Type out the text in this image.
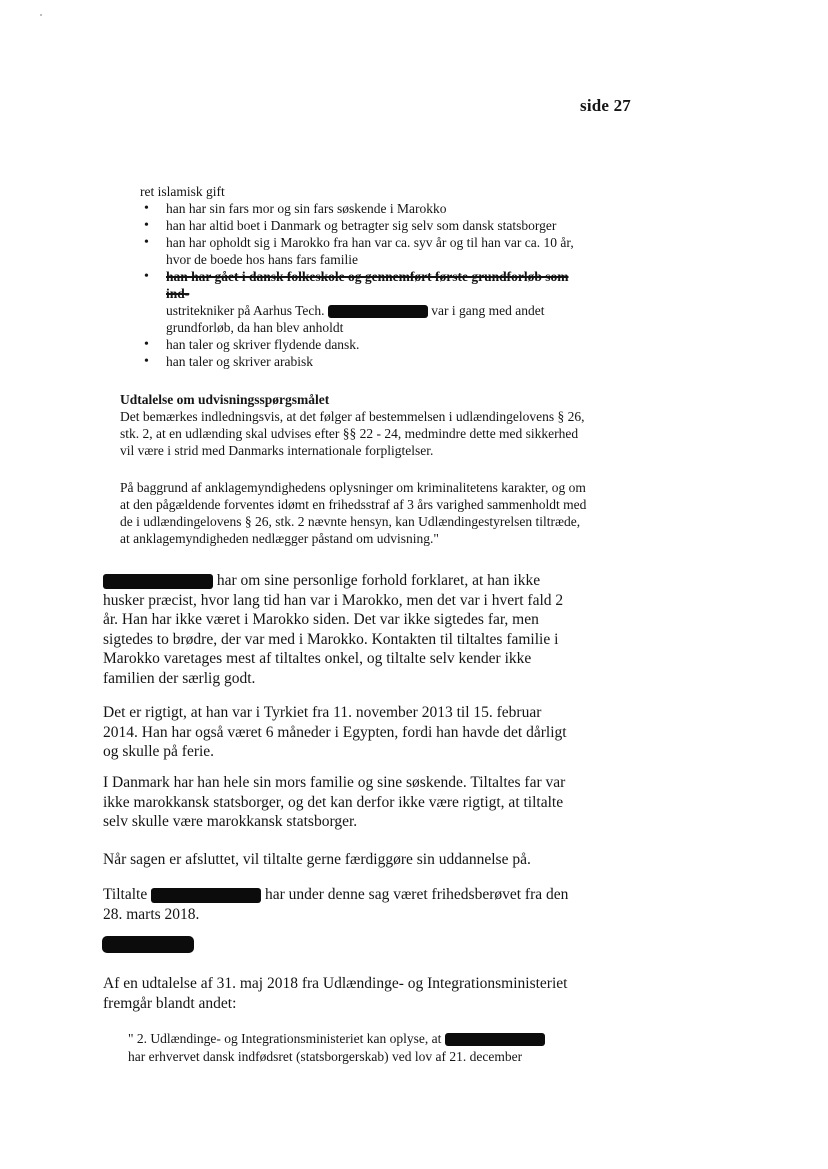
side 27

ret islamisk gift

• han har sin fars mor og sin fars søskende i Marokko
• han har altid boet i Danmark og betragter sig selv som dansk statsborger
• han har opholdt sig i Marokko fra han var ca. syv år og til han var ca. 10 år, hvor de boede hos hans fars familie
• han har gået i dansk folkeskole og gennemført første grundforløb som ind-
ustritekniker på Aarhus Tech.	var i gang med andet
grundforløb, da han blev anholdt
• han taler og skriver flydende dansk.
• han taler og skriver arabisk

Udtalelse om udvisningsspørgsmålet

Det bemærkes indledningsvis, at det følger af bestemmelsen i udlændingelovens § 26, stk. 2, at en udlænding skal udvises efter §§ 22 - 24, medmindre dette med sikkerhed vil være i strid med Danmarks internationale forpligtelser.

På baggrund af anklagemyndighedens oplysninger om kriminalitetens karakter, og om at den pågældende forventes idømt en frihedsstraf af 3 års varighed sammenholdt med de i udlændingelovens § 26, stk. 2 nævnte hensyn, kan Udlændingestyrelsen tiltræde, at anklagemyndigheden nedlægger påstand om udvisning."

har om sine personlige forhold forklaret, at han ikke husker præcist, hvor lang tid han var i Marokko, men det var i hvert fald 2 år. Han har ikke været i Marokko siden. Det var ikke sigtedes far, men sigtedes to brødre, der var med i Marokko. Kontakten til tiltaltes familie i Marokko varetages mest af tiltaltes onkel, og tiltalte selv kender ikke familien der særlig godt.

Det er rigtigt, at han var i Tyrkiet fra 11. november 2013 til 15. februar 2014. Han har også været 6 måneder i Egypten, fordi han havde det dårligt og skulle på ferie.

I Danmark har han hele sin mors familie og sine søskende. Tiltaltes far var ikke marokkansk statsborger, og det kan derfor ikke være rigtigt, at tiltalte selv skulle være marokkansk statsborger.

Når sagen er afsluttet, vil tiltalte gerne færdiggøre sin uddannelse på.

Tiltalte	har under denne sag været frihedsberøvet fra den 28. marts 2018.

Af en udtalelse af 31. maj 2018 fra Udlændinge- og Integrationsministeriet fremgår blandt andet:

" 2. Udlændinge- og Integrationsministeriet kan oplyse, at

har erhvervet dansk indfødsret (statsborgerskab) ved lov af 21. december
